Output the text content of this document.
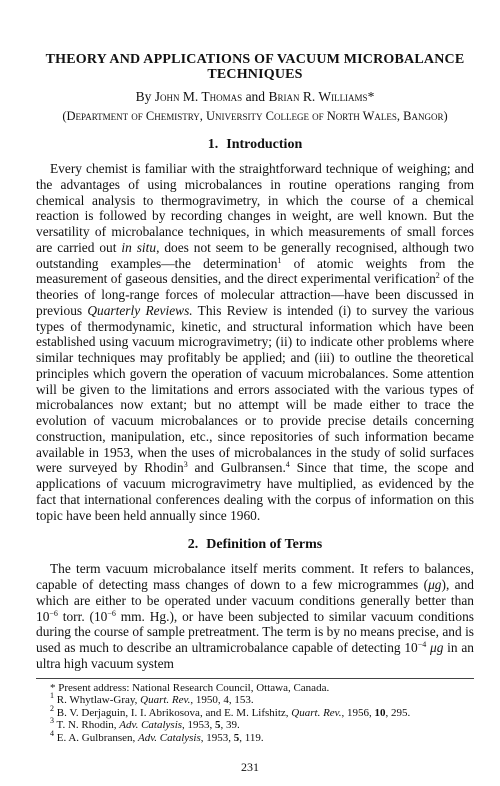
THEORY AND APPLICATIONS OF VACUUM MICROBALANCE
TECHNIQUES
By John M. Thomas and Brian R. Williams*
(Department of Chemistry, University College of North Wales, Bangor)
1. Introduction

Every chemist is familiar with the straightforward technique of weighing; and the advantages of using microbalances in routine operations ranging from chemical analysis to thermogravimetry, in which the course of a chemical reaction is followed by recording changes in weight, are well known. But the versatility of microbalance techniques, in which measurements of small forces are carried out in situ, does not seem to be generally recognised, although two outstanding examples—the determination$^1$ of atomic weights from the measurement of gaseous densities, and the direct experimental verification$^2$ of the theories of long-range forces of molecular attraction—have been discussed in previous Quarterly Reviews. This Review is intended (i) to survey the various types of thermodynamic, kinetic, and structural information which have been established using vacuum microgravimetry; (ii) to indicate other problems where similar techniques may profitably be applied; and (iii) to outline the theoretical principles which govern the operation of vacuum microbalances. Some attention will be given to the limitations and errors associated with the various types of microbalances now extant; but no attempt will be made either to trace the evolution of vacuum microbalances or to provide precise details concerning construction, manipulation, etc., since repositories of such information became available in 1953, when the uses of microbalances in the study of solid surfaces were surveyed by Rhodin$^3$ and Gulbransen.$^4$ Since that time, the scope and applications of vacuum microgravimetry have multiplied, as evidenced by the fact that international conferences dealing with the corpus of information on this topic have been held annually since 1960.

2. Definition of Terms

The term vacuum microbalance itself merits comment. It refers to balances, capable of detecting mass changes of down to a few microgrammes (μg), and which are either to be operated under vacuum conditions generally better than $10^{-6}$ torr. ($10^{-6}$ mm. Hg.), or have been subjected to similar vacuum conditions during the course of sample pretreatment. The term is by no means precise, and is used as much to describe an ultramicrobalance capable of detecting $10^{-4}$ μg in an ultra high vacuum system

* Present address: National Research Council, Ottawa, Canada.

$^1$ R. Whytlaw-Gray, Quart. Rev., 1950, 4, 153.

$^2$ B. V. Derjaguin, I. I. Abrikosova, and E. M. Lifshitz, Quart. Rev., 1956, 10, 295.

$^3$ T. N. Rhodin, Adv. Catalysis, 1953, 5, 39.

$^4$ E. A. Gulbransen, Adv. Catalysis, 1953, 5, 119.

231
